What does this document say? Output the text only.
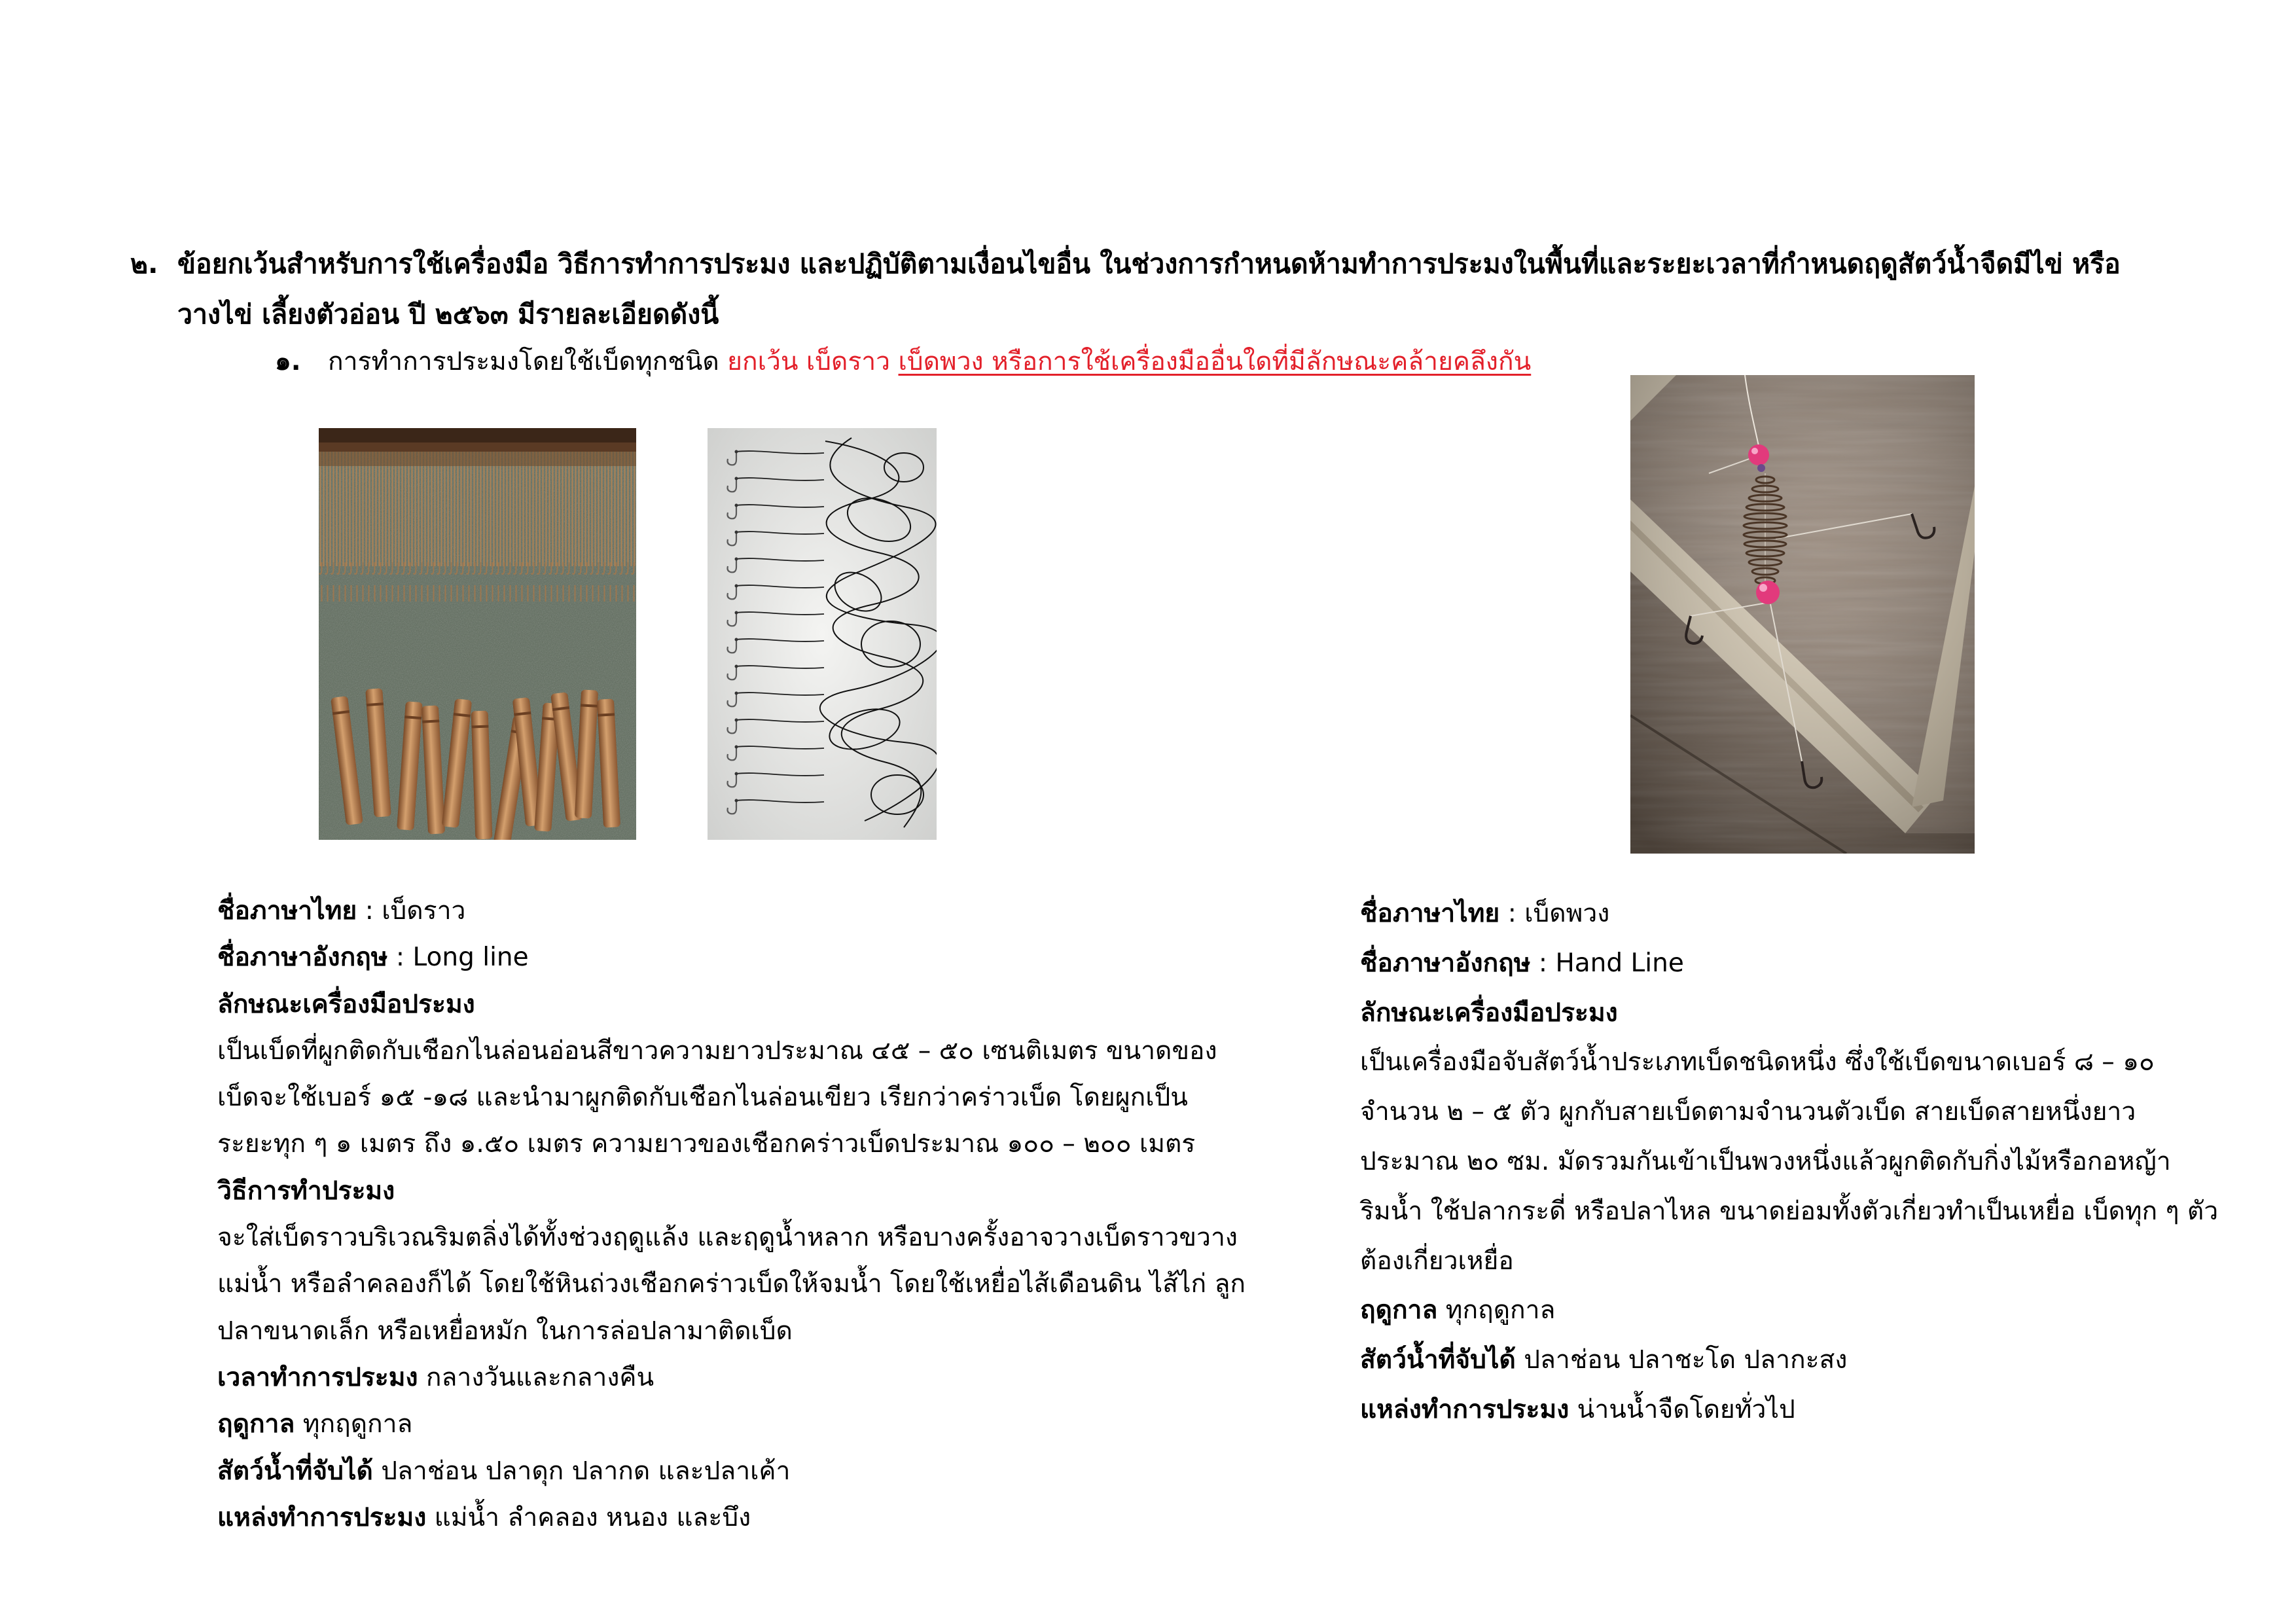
๒. ข้อยกเว้นสำหรับการใช้เครื่องมือ วิธีการทำการประมง และปฏิบัติตามเงื่อนไขอื่น ในช่วงการกำหนดห้ามทำการประมงในพื้นที่และระยะเวลาที่กำหนดฤดูสัตว์น้ำจืดมีไข่ หรือ
วางไข่ เลี้ยงตัวอ่อน ปี ๒๕๖๓ มีรายละเอียดดังนี้
๑. การทำการประมงโดยใช้เบ็ดทุกชนิด ยกเว้น เบ็ดราว เบ็ดพวง หรือการใช้เครื่องมืออื่นใดที่มีลักษณะคล้ายคลึงกัน
ชื่อภาษาไทย : เบ็ดราว
ชื่อภาษาอังกฤษ : Long line
ลักษณะเครื่องมือประมง
เป็นเบ็ดที่ผูกติดกับเชือกไนล่อนอ่อนสีขาวความยาวประมาณ ๔๕ – ๕๐ เซนติเมตร ขนาดของ
เบ็ดจะใช้เบอร์ ๑๕ -๑๘ และนำมาผูกติดกับเชือกไนล่อนเขียว เรียกว่าคร่าวเบ็ด โดยผูกเป็น
ระยะทุก ๆ ๑ เมตร ถึง ๑.๕๐ เมตร ความยาวของเชือกคร่าวเบ็ดประมาณ ๑๐๐ – ๒๐๐ เมตร
วิธีการทำประมง
จะใส่เบ็ดราวบริเวณริมตลิ่งได้ทั้งช่วงฤดูแล้ง และฤดูน้ำหลาก หรือบางครั้งอาจวางเบ็ดราวขวาง
แม่น้ำ หรือลำคลองก็ได้ โดยใช้หินถ่วงเชือกคร่าวเบ็ดให้จมน้ำ โดยใช้เหยื่อไส้เดือนดิน ไส้ไก่ ลูก
ปลาขนาดเล็ก หรือเหยื่อหมัก ในการล่อปลามาติดเบ็ด
เวลาทำการประมง กลางวันและกลางคืน
ฤดูกาล ทุกฤดูกาล
สัตว์น้ำที่จับได้ ปลาช่อน ปลาดุก ปลากด และปลาเค้า
แหล่งทำการประมง แม่น้ำ ลำคลอง หนอง และบึง
ชื่อภาษาไทย : เบ็ดพวง
ชื่อภาษาอังกฤษ : Hand Line
ลักษณะเครื่องมือประมง
เป็นเครื่องมือจับสัตว์น้ำประเภทเบ็ดชนิดหนึ่ง ซึ่งใช้เบ็ดขนาดเบอร์ ๘ – ๑๐
จำนวน ๒ – ๕ ตัว ผูกกับสายเบ็ดตามจำนวนตัวเบ็ด สายเบ็ดสายหนึ่งยาว
ประมาณ ๒๐ ซม. มัดรวมกันเข้าเป็นพวงหนึ่งแล้วผูกติดกับกิ่งไม้หรือกอหญ้า
ริมน้ำ ใช้ปลากระดี่ หรือปลาไหล ขนาดย่อมทั้งตัวเกี่ยวทำเป็นเหยื่อ เบ็ดทุก ๆ ตัว
ต้องเกี่ยวเหยื่อ
ฤดูกาล ทุกฤดูกาล
สัตว์น้ำที่จับได้ ปลาช่อน ปลาชะโด ปลากะสง
แหล่งทำการประมง น่านน้ำจืดโดยทั่วไป
